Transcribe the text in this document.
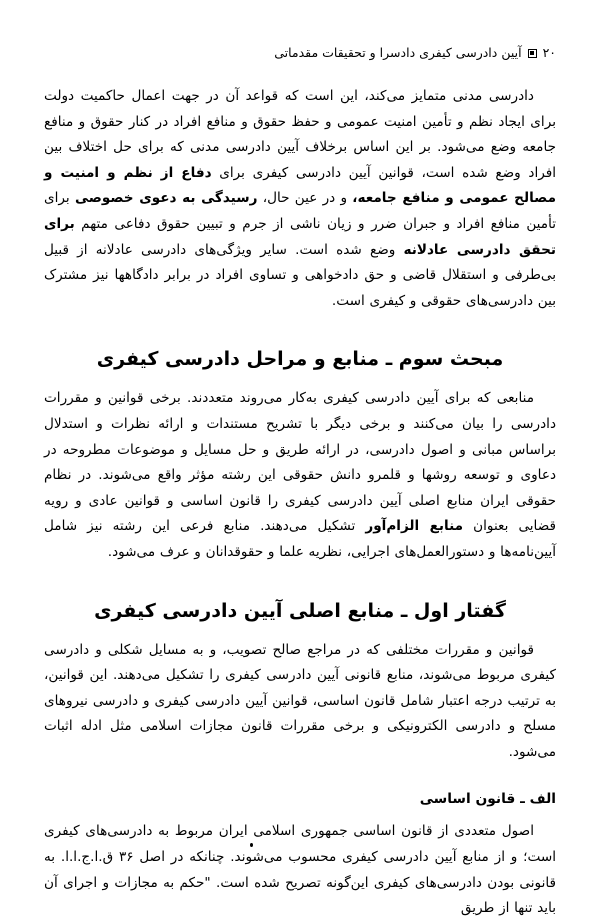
۲۰
آیین دادرسی کیفری دادسرا و تحقیقات مقدماتی

دادرسی مدنی متمایز می‌کند، این است که قواعد آن در جهت اعمال حاکمیت دولت برای ایجاد نظم و تأمین امنیت عمومی و حفظ حقوق و منافع افراد در کنار حقوق و منافع جامعه وضع می‌شود. بر این اساس برخلاف آیین دادرسی مدنی که برای حل اختلاف بین افراد وضع شده است، قوانین آیین دادرسی کیفری برای دفاع از نظم و امنیت و مصالح عمومی و منافع جامعه، و در عین حال، رسیدگی به دعوی خصوصی برای تأمین منافع افراد و جبران ضرر و زیان ناشی از جرم و تبیین حقوق دفاعی متهم برای تحقق دادرسی عادلانه وضع شده است. سایر ویژگی‌های دادرسی عادلانه از قبیل بی‌طرفی و استقلال قاضی و حق دادخواهی و تساوی افراد در برابر دادگاهها نیز مشترک بین دادرسی‌های حقوقی و کیفری است.

مبحث سوم ـ منابع و مراحل دادرسی کیفری

منابعی که برای آیین دادرسی کیفری به‌کار می‌روند متعددند. برخی قوانین و مقررات دادرسی را بیان می‌کنند و برخی دیگر با تشریح مستندات و ارائه نظرات و استدلال براساس مبانی و اصول دادرسی، در ارائه طریق و حل مسایل و موضوعات مطروحه در دعاوی و توسعه روشها و قلمرو دانش حقوقی این رشته مؤثر واقع می‌شوند. در نظام حقوقی ایران منابع اصلی آیین دادرسی کیفری را قانون اساسی و قوانین عادی و رویه قضایی بعنوان منابع الزام‌آور تشکیل می‌دهند. منابع فرعی این رشته نیز شامل آیین‌نامه‌ها و دستورالعمل‌های اجرایی، نظریه علما و حقوقدانان و عرف می‌شود.

گفتار اول ـ منابع اصلی آیین دادرسی کیفری

قوانین و مقررات مختلفی که در مراجع صالح تصویب، و به مسایل شکلی و دادرسی کیفری مربوط می‌شوند، منابع قانونی آیین دادرسی کیفری را تشکیل می‌دهند. این قوانین، به ترتیب درجه اعتبار شامل قانون اساسی، قوانین آیین دادرسی کیفری و دادرسی نیروهای مسلح و دادرسی الکترونیکی و برخی مقررات قانون مجازات اسلامی مثل ادله اثبات می‌شود.

الف ـ قانون اساسی

اصول متعددی از قانون اساسی جمهوری اسلامی ایران مربوط به دادرسی‌های کیفری است؛ و از منابع آیین دادرسی کیفری محسوب می‌شوند. چنانکه در اصل ۳۶ ق.ا.ج.ا.ا. به قانونی بودن دادرسی‌های کیفری این‌گونه تصریح شده است. "حکم به مجازات و اجرای آن باید تنها از طریق
